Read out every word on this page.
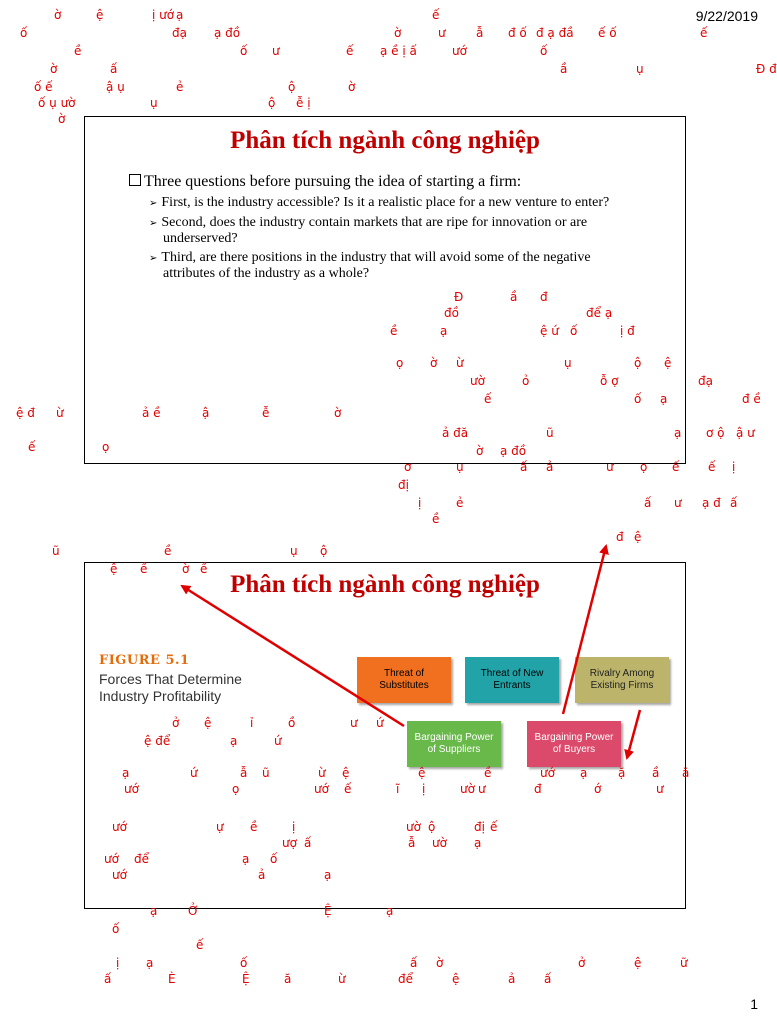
9/22/2019
Phân tích ngành công nghiệp
Three questions before pursuing the idea of starting a firm:
➢ First, is the industry accessible? Is it a realistic place for a new venture to enter?
➢ Second, does the industry contain markets that are ripe for innovation or are underserved?
➢ Third, are there positions in the industry that will avoid some of the negative attributes of the industry as a whole?
Phân tích ngành công nghiệp
FIGURE 5.1
Forces That Determine Industry Profitability
Threat of Substitutes
Threat of New Entrants
Rivalry Among Existing Firms
Bargaining Power of Suppliers
Bargaining Power of Buyers
ờ	ệ	ị ướ ạ	ế
ố	đạ ạ đồ	ờ	ư	ẫ đ ố đ ạ đầ ế ố	ế
ề	ố ư	ế ạ ề ị ấ	ướ	ố
ờ	ấ	ầ	ụ	Đ đ
ố ế	ậ ụ	ẻ	ộ	ờ
ố ụ ườ	ụ	ộ ễ ị
ờ
Đ	ầ đ
đồ	để ạ
ề	ạ	ệ ứ ố	ị đ
ọ ờ ừ	ụ	ộ ệ
ườ	ỏ	ỗ ợ	đạ
ế	ố ạ	đ ề
ệ đ ừ	ả ề	ậ	ễ	ờ
ả đă	ũ	ạ ơ ộ ậ ư
ế	ọ	ờ ạ đồ
ơ	ụ	ấ ả	ư ọ ế ế ị
đị
ị	ẻ	ấ ư ạ đ ấ
ề
đ ệ
ũ	ề	ụ ộ
ệ ề	ề
ờ
ở ệ	ỉ	ồ	ư ứ
ệ để	ạ	ứ
ạ	ứ	ẫ ũ	ừ ệ	ệ	ề	ướ ạ	ặ ầ ă
ướ	ọ	ướ ế	ĩ ị	ườ ư	đ	ớ	ư
ướ	ự ề	ị	ườ ộ	đị ế
ượ ấ	ẫ ườ ạ
ướ để	ạ ố
ướ	ả	ạ
ạ	Ở	Ệ	ạ
ố
ế
ị ạ	ố	ấ ờ	ở	ệ	ữ
ấ	È	Ệ	ă	ừ	để	ệ	ả ấ
1
